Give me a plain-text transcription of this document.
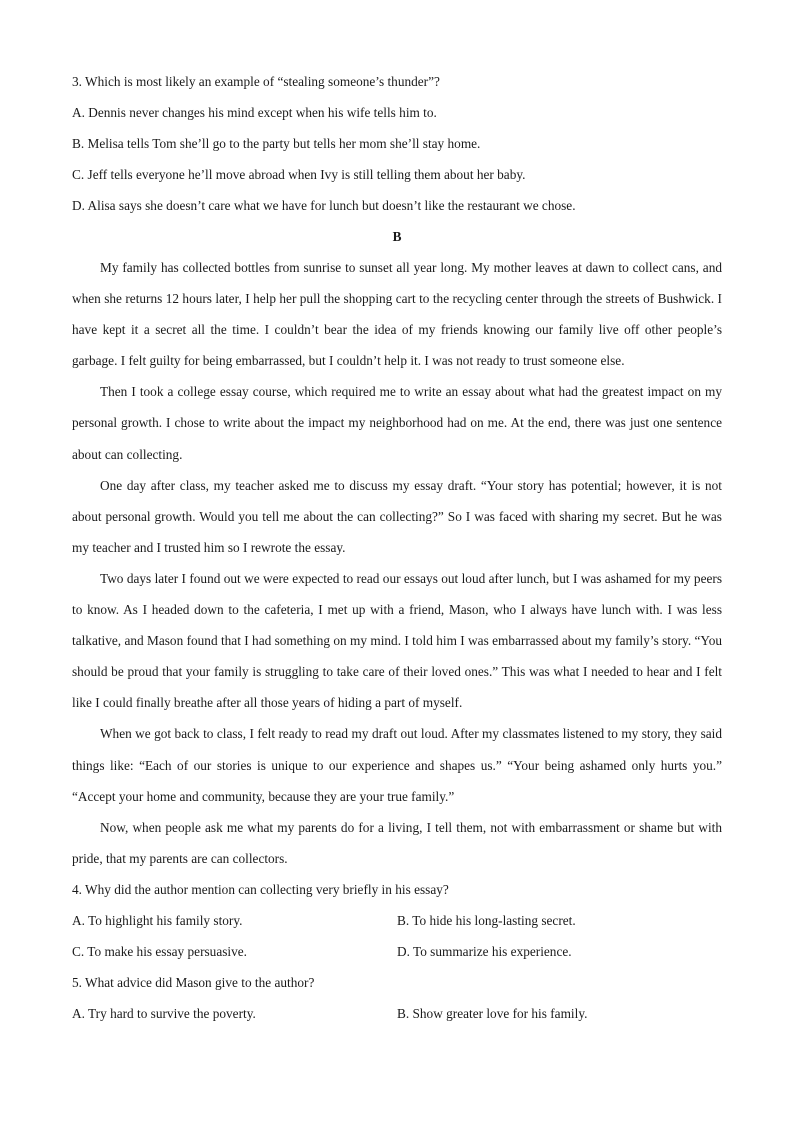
3. Which is most likely an example of “stealing someone’s thunder”?
A. Dennis never changes his mind except when his wife tells him to.
B. Melisa tells Tom she’ll go to the party but tells her mom she’ll stay home.
C. Jeff tells everyone he’ll move abroad when Ivy is still telling them about her baby.
D. Alisa says she doesn’t care what we have for lunch but doesn’t like the restaurant we chose.
B

My family has collected bottles from sunrise to sunset all year long. My mother leaves at dawn to collect cans, and when she returns 12 hours later, I help her pull the shopping cart to the recycling center through the streets of Bushwick. I have kept it a secret all the time. I couldn’t bear the idea of my friends knowing our family live off other people’s garbage. I felt guilty for being embarrassed, but I couldn’t help it. I was not ready to trust someone else.

Then I took a college essay course, which required me to write an essay about what had the greatest impact on my personal growth. I chose to write about the impact my neighborhood had on me. At the end, there was just one sentence about can collecting.

One day after class, my teacher asked me to discuss my essay draft. “Your story has potential; however, it is not about personal growth. Would you tell me about the can collecting?” So I was faced with sharing my secret. But he was my teacher and I trusted him so I rewrote the essay.

Two days later I found out we were expected to read our essays out loud after lunch, but I was ashamed for my peers to know. As I headed down to the cafeteria, I met up with a friend, Mason, who I always have lunch with. I was less talkative, and Mason found that I had something on my mind. I told him I was embarrassed about my family’s story. “You should be proud that your family is struggling to take care of their loved ones.” This was what I needed to hear and I felt like I could finally breathe after all those years of hiding a part of myself.

When we got back to class, I felt ready to read my draft out loud. After my classmates listened to my story, they said things like: “Each of our stories is unique to our experience and shapes us.” “Your being ashamed only hurts you.” “Accept your home and community, because they are your true family.”

Now, when people ask me what my parents do for a living, I tell them, not with embarrassment or shame but with pride, that my parents are can collectors.

4. Why did the author mention can collecting very briefly in his essay?
A. To highlight his family story.	B. To hide his long-lasting secret.
C. To make his essay persuasive.	D. To summarize his experience.
5. What advice did Mason give to the author?
A. Try hard to survive the poverty.	B. Show greater love for his family.
